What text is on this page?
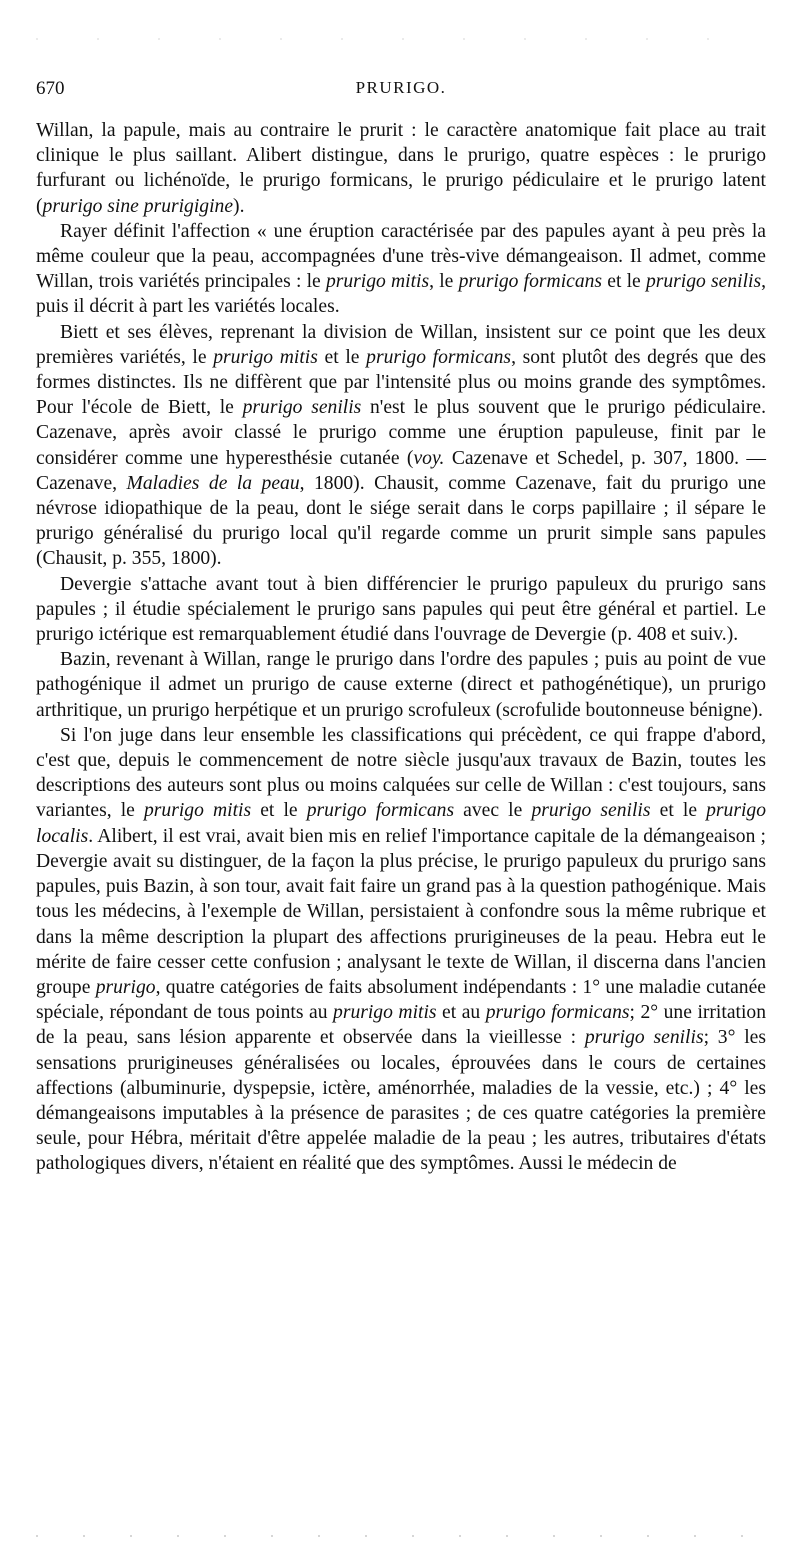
670	PRURIGO.

Willan, la papule, mais au contraire le prurit : le caractère anatomique fait place au trait clinique le plus saillant. Alibert distingue, dans le prurigo, quatre espèces : le prurigo furfurant ou lichénoïde, le prurigo formicans, le prurigo pédiculaire et le prurigo latent (prurigo sine prurigigine).

Rayer définit l'affection « une éruption caractérisée par des papules ayant à peu près la même couleur que la peau, accompagnées d'une très-vive démangeaison. Il admet, comme Willan, trois variétés principales : le prurigo mitis, le prurigo formicans et le prurigo senilis, puis il décrit à part les variétés locales.

Biett et ses élèves, reprenant la division de Willan, insistent sur ce point que les deux premières variétés, le prurigo mitis et le prurigo formicans, sont plutôt des degrés que des formes distinctes. Ils ne diffèrent que par l'intensité plus ou moins grande des symptômes. Pour l'école de Biett, le prurigo senilis n'est le plus souvent que le prurigo pédiculaire. Cazenave, après avoir classé le prurigo comme une éruption papuleuse, finit par le considérer comme une hyperesthésie cutanée (voy. Cazenave et Schedel, p. 307, 1800. — Cazenave, Maladies de la peau, 1800). Chausit, comme Cazenave, fait du prurigo une névrose idiopathique de la peau, dont le siége serait dans le corps papillaire ; il sépare le prurigo généralisé du prurigo local qu'il regarde comme un prurit simple sans papules (Chausit, p. 355, 1800).

Devergie s'attache avant tout à bien différencier le prurigo papuleux du prurigo sans papules ; il étudie spécialement le prurigo sans papules qui peut être général et partiel. Le prurigo ictérique est remarquablement étudié dans l'ouvrage de Devergie (p. 408 et suiv.).

Bazin, revenant à Willan, range le prurigo dans l'ordre des papules ; puis au point de vue pathogénique il admet un prurigo de cause externe (direct et pathogénétique), un prurigo arthritique, un prurigo herpétique et un prurigo scrofuleux (scrofulide boutonneuse bénigne).

Si l'on juge dans leur ensemble les classifications qui précèdent, ce qui frappe d'abord, c'est que, depuis le commencement de notre siècle jusqu'aux travaux de Bazin, toutes les descriptions des auteurs sont plus ou moins calquées sur celle de Willan : c'est toujours, sans variantes, le prurigo mitis et le prurigo formicans avec le prurigo senilis et le prurigo localis. Alibert, il est vrai, avait bien mis en relief l'importance capitale de la démangeaison ; Devergie avait su distinguer, de la façon la plus précise, le prurigo papuleux du prurigo sans papules, puis Bazin, à son tour, avait fait faire un grand pas à la question pathogénique. Mais tous les médecins, à l'exemple de Willan, persistaient à confondre sous la même rubrique et dans la même description la plupart des affections prurigineuses de la peau. Hebra eut le mérite de faire cesser cette confusion ; analysant le texte de Willan, il discerna dans l'ancien groupe prurigo, quatre catégories de faits absolument indépendants : 1° une maladie cutanée spéciale, répondant de tous points au prurigo mitis et au prurigo formicans; 2° une irritation de la peau, sans lésion apparente et observée dans la vieillesse : prurigo senilis; 3° les sensations prurigineuses généralisées ou locales, éprouvées dans le cours de certaines affections (albuminurie, dyspepsie, ictère, aménorrhée, maladies de la vessie, etc.) ; 4° les démangeaisons imputables à la présence de parasites ; de ces quatre catégories la première seule, pour Hébra, méritait d'être appelée maladie de la peau ; les autres, tributaires d'états pathologiques divers, n'étaient en réalité que des symptômes. Aussi le médecin de
